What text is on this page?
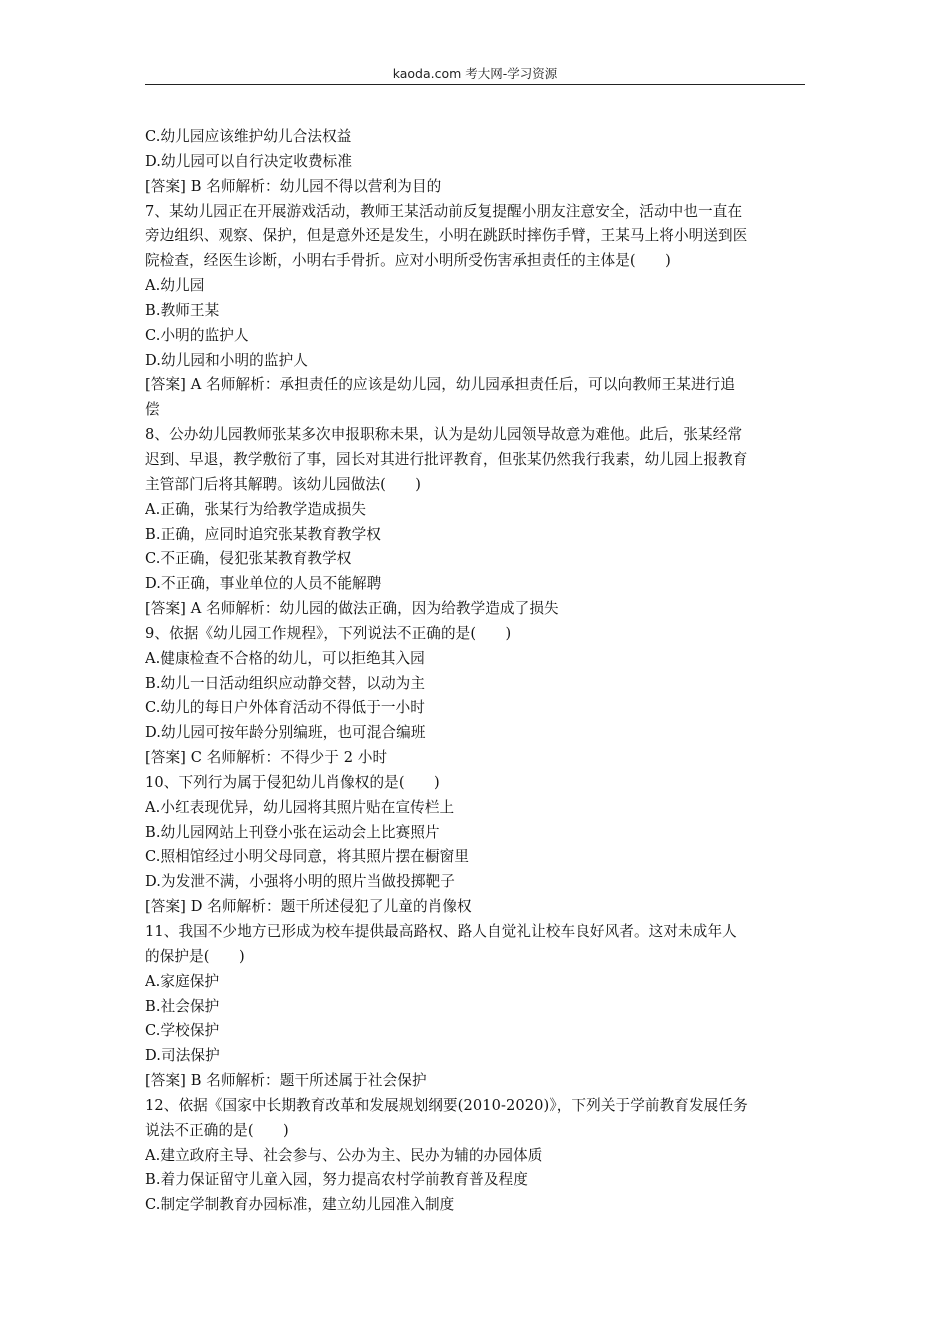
kaoda.com 考大网-学习资源
C.幼儿园应该维护幼儿合法权益
D.幼儿园可以自行决定收费标准
[答案] B 名师解析：幼儿园不得以营利为目的
7、某幼儿园正在开展游戏活动，教师王某活动前反复提醒小朋友注意安全，活动中也一直在
旁边组织、观察、保护，但是意外还是发生，小明在跳跃时摔伤手臂，王某马上将小明送到医
院检查，经医生诊断，小明右手骨折。应对小明所受伤害承担责任的主体是(　　)
A.幼儿园
B.教师王某
C.小明的监护人
D.幼儿园和小明的监护人
[答案] A 名师解析：承担责任的应该是幼儿园，幼儿园承担责任后，可以向教师王某进行追
偿
8、公办幼儿园教师张某多次申报职称未果，认为是幼儿园领导故意为难他。此后，张某经常
迟到、早退，教学敷衍了事，园长对其进行批评教育，但张某仍然我行我素，幼儿园上报教育
主管部门后将其解聘。该幼儿园做法(　　)
A.正确，张某行为给教学造成损失
B.正确，应同时追究张某教育教学权
C.不正确，侵犯张某教育教学权
D.不正确，事业单位的人员不能解聘
[答案] A 名师解析：幼儿园的做法正确，因为给教学造成了损失
9、依据《幼儿园工作规程》，下列说法不正确的是(　　)
A.健康检查不合格的幼儿，可以拒绝其入园
B.幼儿一日活动组织应动静交替，以动为主
C.幼儿的每日户外体育活动不得低于一小时
D.幼儿园可按年龄分别编班，也可混合编班
[答案] C 名师解析：不得少于 2 小时
10、下列行为属于侵犯幼儿肖像权的是(　　)
A.小红表现优异，幼儿园将其照片贴在宣传栏上
B.幼儿园网站上刊登小张在运动会上比赛照片
C.照相馆经过小明父母同意，将其照片摆在橱窗里
D.为发泄不满，小强将小明的照片当做投掷靶子
[答案] D 名师解析：题干所述侵犯了儿童的肖像权
11、我国不少地方已形成为校车提供最高路权、路人自觉礼让校车良好风者。这对未成年人
的保护是(　　)
A.家庭保护
B.社会保护
C.学校保护
D.司法保护
[答案] B 名师解析：题干所述属于社会保护
12、依据《国家中长期教育改革和发展规划纲要(2010-2020)》，下列关于学前教育发展任务
说法不正确的是(　　)
A.建立政府主导、社会参与、公办为主、民办为辅的办园体质
B.着力保证留守儿童入园，努力提高农村学前教育普及程度
C.制定学制教育办园标准，建立幼儿园准入制度
